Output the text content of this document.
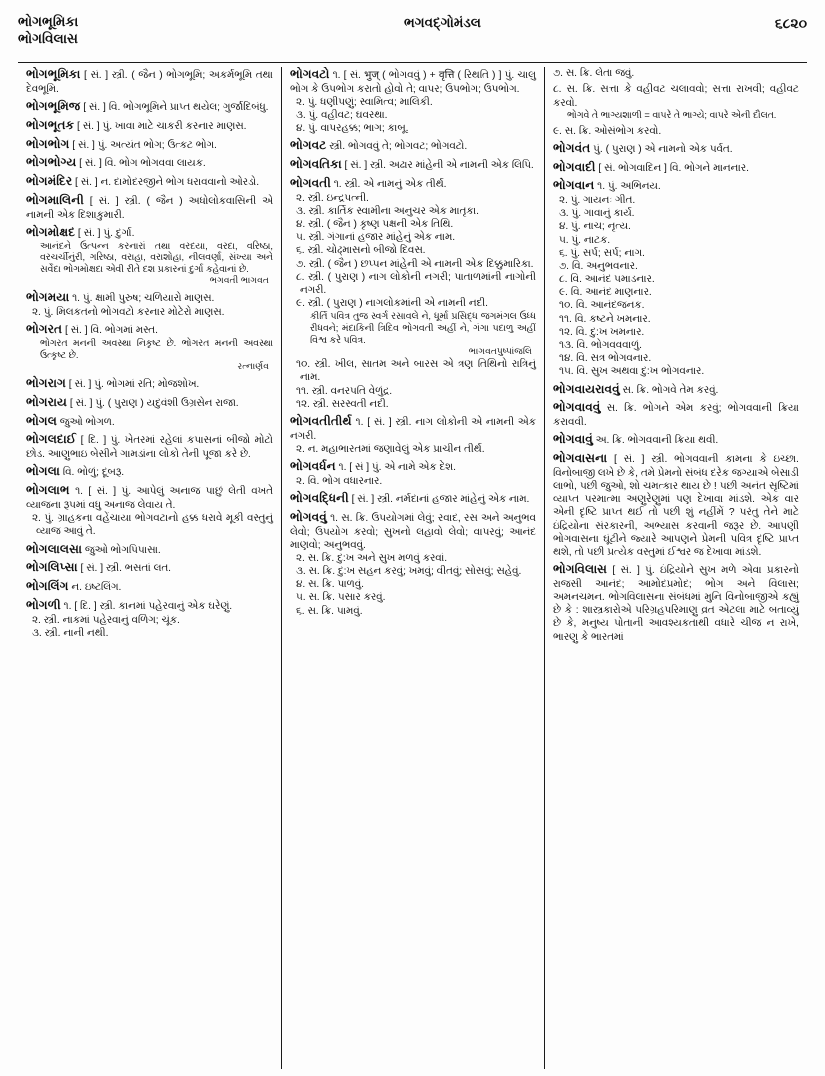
ભોગભૂમિકા
ભોગવિલાસ
ભગવદ્ગોમંડલ	૬૮૨૦
ભોગભૂમિકા [ સં. ] સ્ત્રી. ( જૈન ) ભોગભૂમિ; અકર્મભૂમિ તથા દેવભૂમિ.
ભોગભૂમિજ [ સં. ] વિ. ભોગભૂમિને પ્રાપ્ત થયેલ; ગુર્જાદિબંધુ.
ભોગભૂતક [ સં. ] પું. ખાવા માટે ચાકરી કરનાર માણસ.
ભોગભોગ [ સં. ] પું. અત્યંત ભોગ; ઉત્કટ ભોગ.
ભોગભોગ્ય [ સં. ] વિ. ભોગ ભોગવવા લાયક.
ભોગમંદિર [ સં. ] ન. દામોદરજીને ભોગ ધરાવવાનો ઓરડો.
ભોગમાલિની [ સં. ] સ્ત્રી. ( જૈન ) અધોલોકવાસિની એ નામની એક દિશાકુમારી.
ભોગમોક્ષદ [ સં. ] પું. દુર્ગા.
આનંદને ઉત્પન્ન કરનારાં તથા વરદયા, વરદા, વરિષ્ઠા, વરચર્ચીનુંરી, ગરિષ્ઠા, વરાહા, વરાશોહા, નીલવર્ણા, સંખ્યા અને સર્વેદા ભોગમોક્ષદા એવી રીતે દશ પ્રકારનાં દુર્ગા કહેવાનાં છે.
ભગવતી ભાગવત
ભોગમયા ૧. પું. ક્ષામી પુરુષ; ચળિયારો માણસ.
૨. પું. મિલકતનો ભોગવટો કરનાર મોટેરો માણસ.
ભોગરત [ સં. ] વિ. ભોગમાં મસ્ત.
ભોગરત મનની અવસ્થા નિકૃષ્ટ છે. ભોગરત મનની અવસ્થા ઉત્કૃષ્ટ છે.
રત્નાર્ણવ
ભોગરાગ [ સં. ] પું. ભોગમાં રતિ; મોજશોખ.
ભોગરાય [ સં. ] પું. ( પુરાણ ) યદુવંશી ઉગ્રસેન રાજા.
ભોગલ જુઓ ભોગળ.
ભોગલદાઈ [ દિ. ] પું. ખેતરમાં રહેલાં કપાસનાં બીજો મોટો છોડ. આણુભાઇ બેસીને ગામડાંના લોકો તેની પૂજા કરે છે.
ભોગલા વિ. ભોળું; દૂબરૂ.
ભોગલાભ ૧. [ સં. ] પું. આપેલું અનાજ પાછું લેતી વખતે વ્યાજના રૂપમાં વધુ અનાજ લેવાય તે.
૨. પું. ગ્રાહકના વહેંચાયા ભોગવટાનો હક્ક ધરાવે મૂકી વસ્તુનું વ્યાજ આવું તે.
ભોગલાલસા જુઓ ભોગપિપાસા.
ભોગલિપ્સા [ સં. ] સ્ત્રી. ભસતાં લત.
ભોગલિંગ ન. ઇષ્ટલિંગ.
ભોગળી ૧. [ દિ. ] સ્ત્રી. કાનમાં પહેરવાનું એક ઘરેણું.
૨. સ્ત્રી. નાકમાં પહેરવાનું વળિંગ; ચૂંક.
૩. સ્ત્રી. નાની નથી.
ભોગવટો ૧. [ સં. भुज् ( ભોગવવું ) + वृत्ति ( રિથતિ ) ] પું. ચાલુ ભોગ કે ઉપભોગ કરાતો હોવો તે; વાપર; ઉપભોગ; ઉપભોગ.
૨. પું. ધણીપણું; સ્વામિત્વ; માલિકી.
૩. પું. વહીવટ; ઘવરથા.
૪. પું. વાપરહક્ક; ભાગ; કાબૂ.
ભોગવટ સ્ત્રી. ભોગવવું તે; ભોગવટ; ભોગવટો.
ભોગવતિકા [ સં. ] સ્ત્રી. અઢાર માંહેની એ નામની એક લિપિ.
ભોગવતી ૧. સ્ત્રી. એ નામનું એક તીર્થ.
૨. સ્ત્રી. ઇન્દ્રપત્ની.
૩. સ્ત્રી. કાર્તિક સ્વામીના અનુચર એક માતૃકા.
૪. સ્ત્રી. ( જૈન ) કૃષ્ણ પક્ષની એક તિથિ.
૫. સ્ત્રી. ગંગાનાં હજાર માંહેનું એક નામ.
૬. સ્ત્રી. ચોઢ્માસનો બીજો દિવસ.
૭. સ્ત્રી. ( જૈન ) છપ્પન માંહેની એ નામની એક દિક્કુમારિકા.
૮. સ્ત્રી. ( પુરાણ ) નાગ લોકોની નગરી; પાતાળમાંની નાગોની નગરી.
૯. સ્ત્રી. ( પુરાણ ) નાગલોકમાંની એ નામની નદી.
કીર્તિ પવિત્ર તુજ સ્વર્ગ રસાવલે ને, ધૂર્મા પ્રસિદ્ધ જગમંગલ ઉધ્ધ રીધવને; મંદાકિની ત્રિદિવ ભોગવતી અહીં ને, ગંગા પદાળુ અહીં વિશ્વ કરે પવિત્ર.
ભાગવતપુષ્પાંજલિ
૧૦. સ્ત્રી. ખીલ, સાતમ અને બારસ એ ત્રણ તિથિનો રાત્રિનું નામ.
૧૧. સ્ત્રી. વનરપતિ વેળુંદ્ર.
૧૨. સ્ત્રી. સરસ્વતી નદી.
ભોગવતીતીર્થ ૧. [ સં. ] સ્ત્રી. નાગ લોકોની એ નામની એક નગરી.
૨. ન. મહાભારતમાં જણાવેલું એક પ્રાચીન તીર્થ.
ભોગવર્ધન ૧. [ સં ] પું. એ નામે એક દેશ.
૨. વિ. ભોગ વધારનાર.
ભોગવદ્ધિની [ સં. ] સ્ત્રી. નર્મદાનાં હજાર માંહેનું એક નામ.
ભોગવવું ૧. સ. ક્રિ. ઉપયોગમાં લેવું; રવાદ, રસ અને અનુભવ લેવો; ઉપયોગ કરવો; સુખનો લહાવો લેવો; વાપરવું; આનંદ માણવો; અનુભવવું.
૨. સ. ક્રિ. દુ:ખ અને સુખ મળવું કરવાં.
૩. સ. ક્રિ. દુ:ખ સહન કરવું; ખમવું; વીતવું; સોસવું; સહેવું.
૪. સ. ક્રિ. પાળવું.
૫. સ. ક્રિ. પસાર કરવું.
૬. સ. ક્રિ. પામવું.
૭. સ. ક્રિ. લેતા જવું.
૮. સ. ક્રિ. સત્તા કે વહીવટ ચલાવવો; સત્તા રાખવી; વહીવટ કરવો.
ભોગવે તે ભાગ્યશાળી = વાપરે તે ભાગ્યે; વાપરે એની દૌલત.
૯. સ. ક્રિ. ઓસંભોગ કરવો.
ભોગવંત પું. ( પુરાણ ) એ નામનો એક પર્વત.
ભોગવાદી [ સં. ભોગવાદિન ] વિ. ભોગને માનનાર.
ભોગવાન ૧. પું. અભિનય.
૨. પું. ગાયનઃ ગીત.
૩. પું. ગાવાનું કાર્ય.
૪. પું. નાચ; નૃત્ય.
૫. પું. નાટક.
૬. પું. સર્પ; સર્પ; નાગ.
૭. વિ. અનુભવનાર.
૮. વિ. આનંદ પમાડનાર.
૯. વિ. આનંદ માણનાર.
૧૦. વિ. આનંદજનક.
૧૧. વિ. કષ્ટને ખમનાર.
૧૨. વિ. દુ:ખ ખમનાર.
૧૩. વિ. ભોગવવવાળું.
૧૪. વિ. સત્ર ભોગવનાર.
૧૫. વિ. સુખ અથવા દુ:ખ ભોગવનાર.
ભોગવાયરાવવું સ. ક્રિ. ભોગવે તેમ કરવું.
ભોગવાવવું સ. ક્રિ. ભોગને એમ કરવું; ભોગવવાની ક્રિયા કરાવવી.
ભોગવાવું અ. ક્રિ. ભોગવવાની ક્રિયા થવી.
ભોગવાસના [ સં. ] સ્ત્રી. ભોગવવાની કામના કે ઇચ્છા. વિનોબાજી લખે છે કે, તમે પ્રેમનો સંબંધ દરેક જગ્યાએ બેસાડી લાભો, પછી જુઓ, શો ચમત્કાર થાય છે ! પછી અનંત સૃષ્ટિમાં વ્યાપ્ત પરમાત્મા અણુરેણુમાં પણ દેખાવા માંડશે. એક વાર એની દૃષ્ટિ પ્રાપ્ત થઈ તો પછી શું નહીંમેં ? પરંતુ તેને માટે ઇંદ્રિયોના સંરકારની, અભ્યાસ કરવાની જરૂર છે. આપણી ભોગવાસના ઘૂંટીને જ્યારે આપણને પ્રેમની પવિત્ર દૃષ્ટિ પ્રાપ્ત થશે, તો પછી પ્રત્યેક વસ્તુમાં ઈશ્વર જ દેખાવા માંડશે.
ભોગવિલાસ [ સં. ] પું. ઇંદ્રિયોને સુખ મળે એવા પ્રકારનો રાજસી આનંદ; આમોદપ્રમોદ; ભોગ અને વિલાસ; અમનચમન. ભોગવિલાસના સંબંધમાં મુનિ વિનોબાજીએ કહ્યું છે કે : શાસ્ત્રકારોએ પરિગ્રહપરિમાણુ વ્રત એટલા માટે બતાવ્યું છે કે, મનુષ્ય પોતાની આવશ્યકતાથી વધારે ચીજ ન રાખે, ભારણુ કે ભારતમાં
